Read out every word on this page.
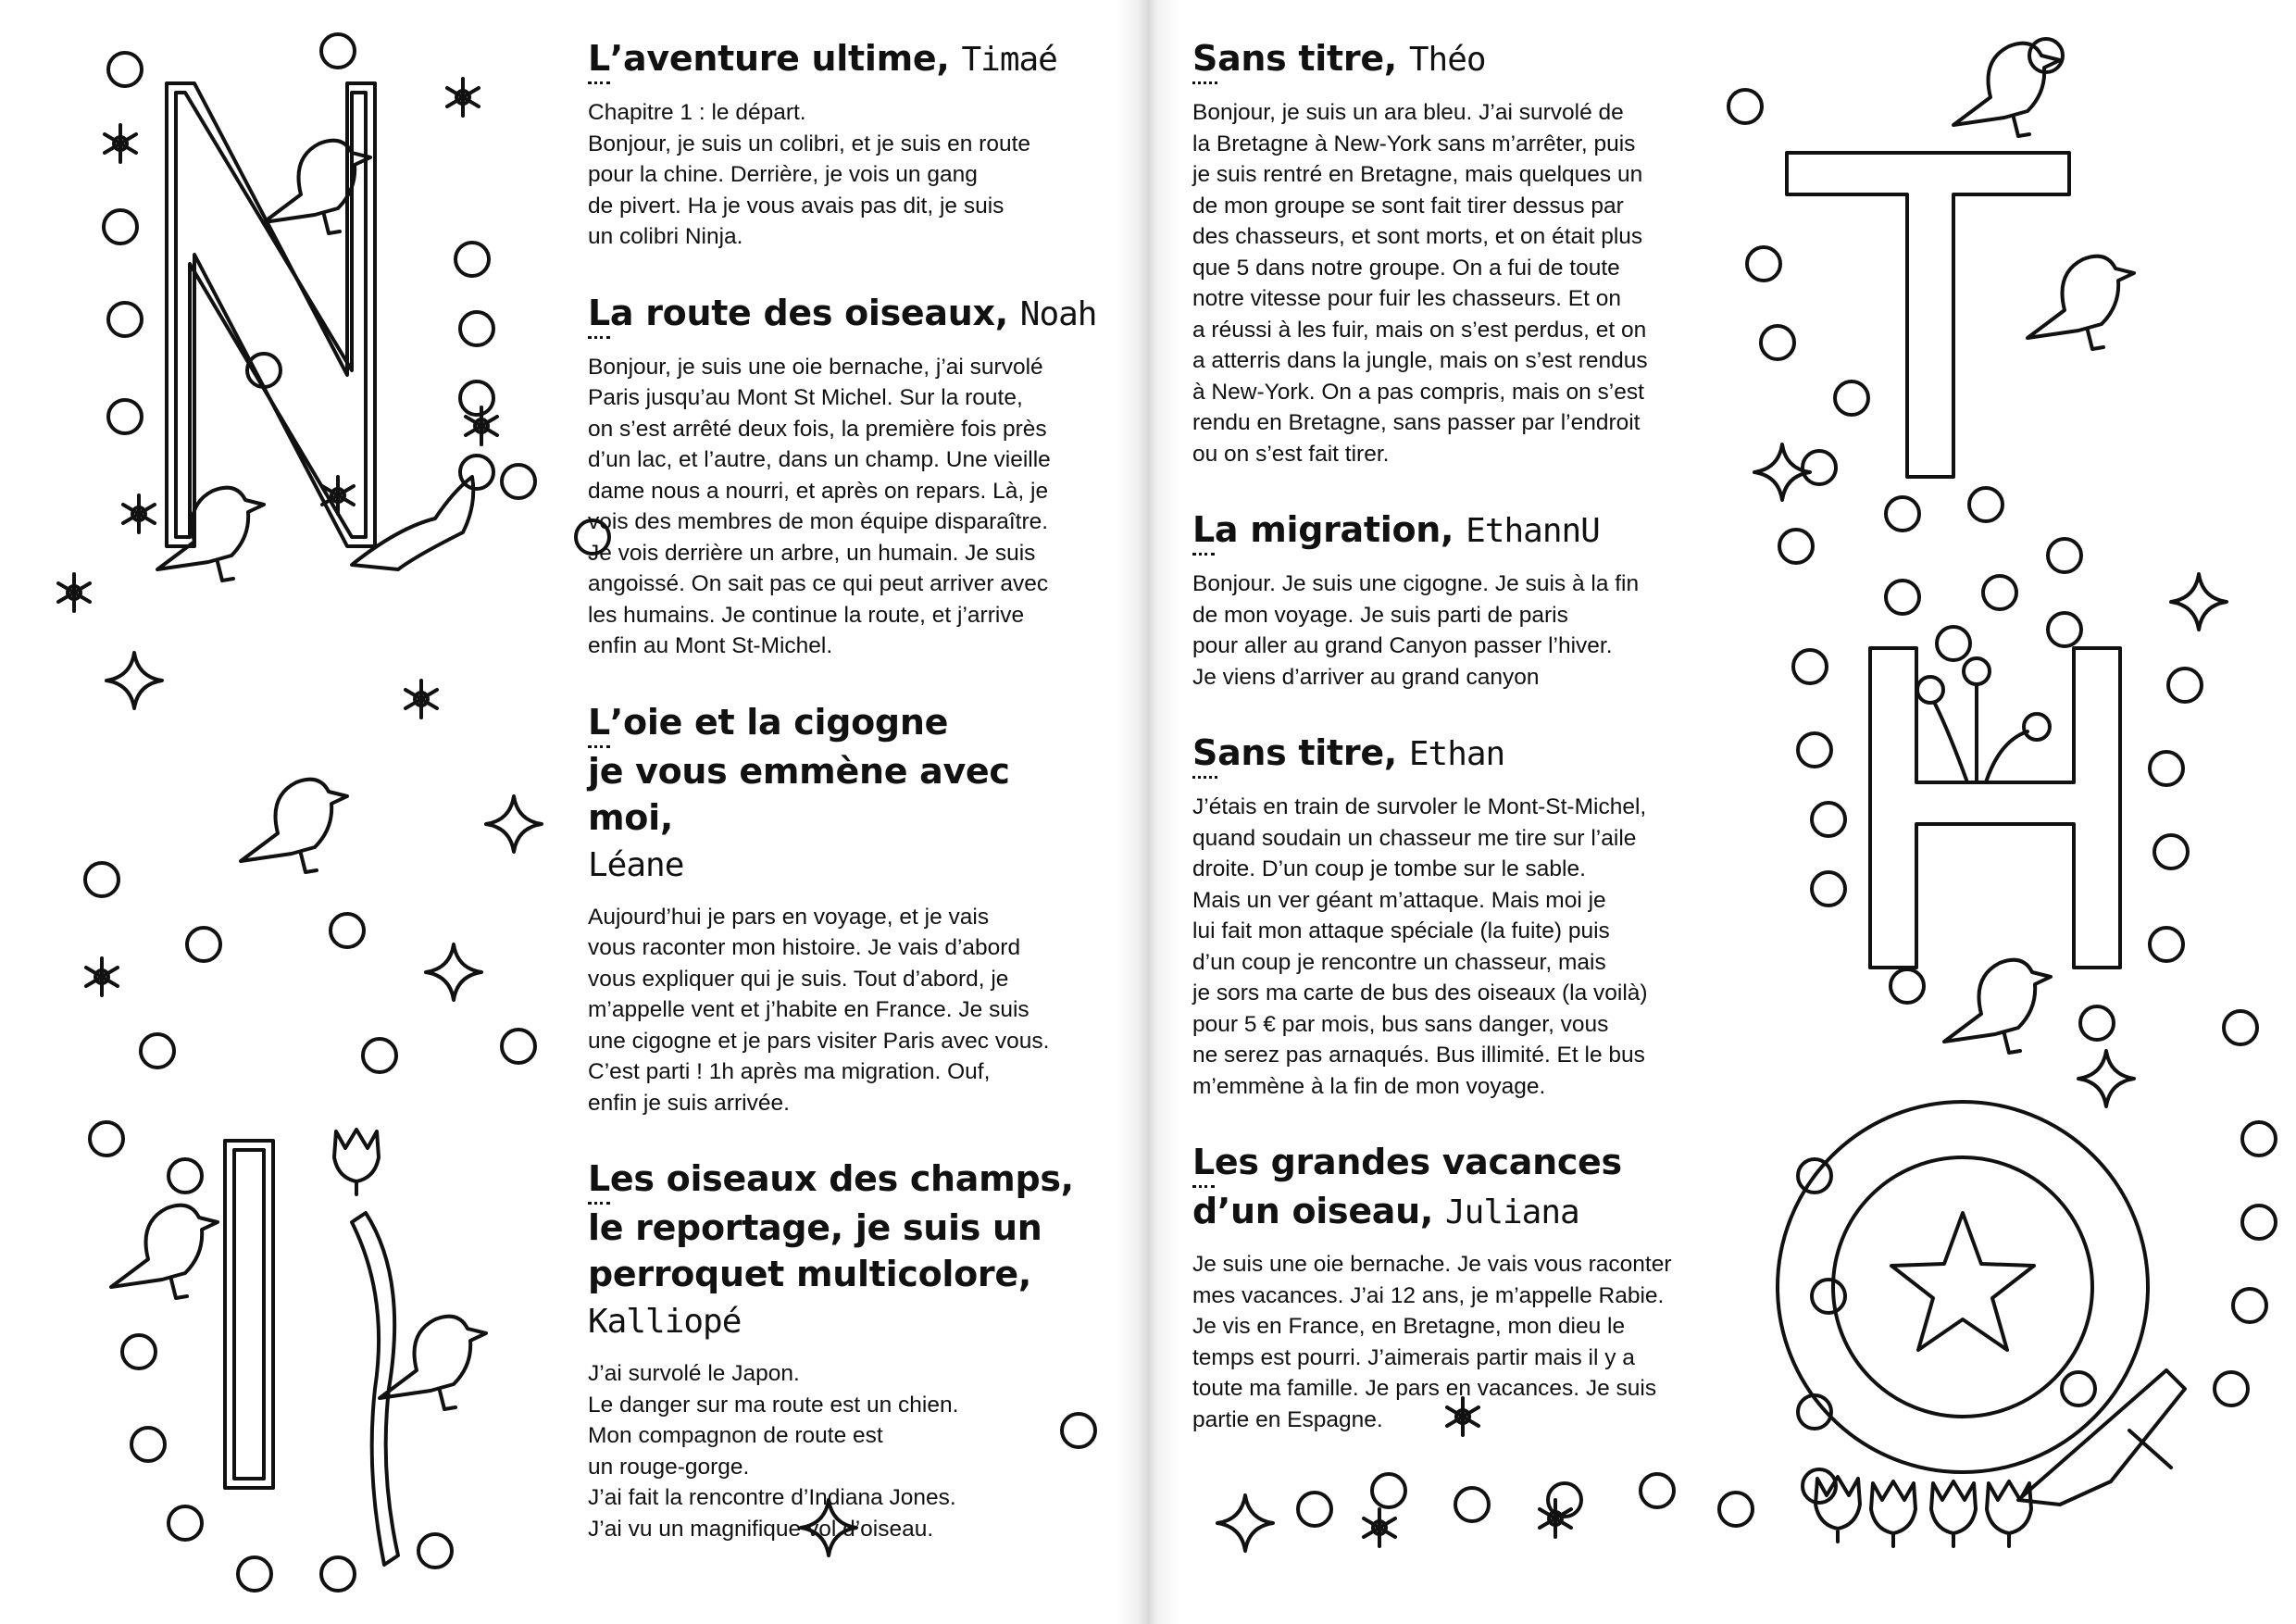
L’aventure ultime, Timaé

Chapitre 1 : le départ.
Bonjour, je suis un colibri, et je suis en route
pour la chine. Derrière, je vois un gang
de pivert. Ha je vous avais pas dit, je suis
un colibri Ninja.

La route des oiseaux, Noah

Bonjour, je suis une oie bernache, j’ai survolé
Paris jusqu’au Mont St Michel. Sur la route,
on s’est arrêté deux fois, la première fois près
d’un lac, et l’autre, dans un champ. Une vieille
dame nous a nourri, et après on repars. Là, je
vois des membres de mon équipe disparaître.
Je vois derrière un arbre, un humain. Je suis
angoissé. On sait pas ce qui peut arriver avec
les humains. Je continue la route, et j’arrive
enfin au Mont St-Michel.

L’oie et la cigogne
je vous emmène avec moi,
Léane

Aujourd’hui je pars en voyage, et je vais
vous raconter mon histoire. Je vais d’abord
vous expliquer qui je suis. Tout d’abord, je
m’appelle vent et j’habite en France. Je suis
une cigogne et je pars visiter Paris avec vous.
C’est parti ! 1h après ma migration. Ouf,
enfin je suis arrivée.

Les oiseaux des champs,
le reportage, je suis un
perroquet multicolore,
Kalliopé

J’ai survolé le Japon.
Le danger sur ma route est un chien.
Mon compagnon de route est
un rouge-gorge.
J’ai fait la rencontre d’Indiana Jones.
J’ai vu un magnifique vol d’oiseau.

Sans titre, Théo

Bonjour, je suis un ara bleu. J’ai survolé de
la Bretagne à New-York sans m’arrêter, puis
je suis rentré en Bretagne, mais quelques un
de mon groupe se sont fait tirer dessus par
des chasseurs, et sont morts, et on était plus
que 5 dans notre groupe. On a fui de toute
notre vitesse pour fuir les chasseurs. Et on
a réussi à les fuir, mais on s’est perdus, et on
a atterris dans la jungle, mais on s’est rendus
à New-York. On a pas compris, mais on s’est
rendu en Bretagne, sans passer par l’endroit
ou on s’est fait tirer.

La migration, EthannU

Bonjour. Je suis une cigogne. Je suis à la fin
de mon voyage. Je suis parti de paris
pour aller au grand Canyon passer l’hiver.
Je viens d’arriver au grand canyon

Sans titre, Ethan

J’étais en train de survoler le Mont-St-Michel,
quand soudain un chasseur me tire sur l’aile
droite. D’un coup je tombe sur le sable.
Mais un ver géant m’attaque. Mais moi je
lui fait mon attaque spéciale (la fuite) puis
d’un coup je rencontre un chasseur, mais
je sors ma carte de bus des oiseaux (la voilà)
pour 5 € par mois, bus sans danger, vous
ne serez pas arnaqués. Bus illimité. Et le bus
m’emmène à la fin de mon voyage.

Les grandes vacances
d’un oiseau, Juliana

Je suis une oie bernache. Je vais vous raconter
mes vacances. J’ai 12 ans, je m’appelle Rabie.
Je vis en France, en Bretagne, mon dieu le
temps est pourri. J’aimerais partir mais il y a
toute ma famille. Je pars en vacances. Je suis
partie en Espagne.
